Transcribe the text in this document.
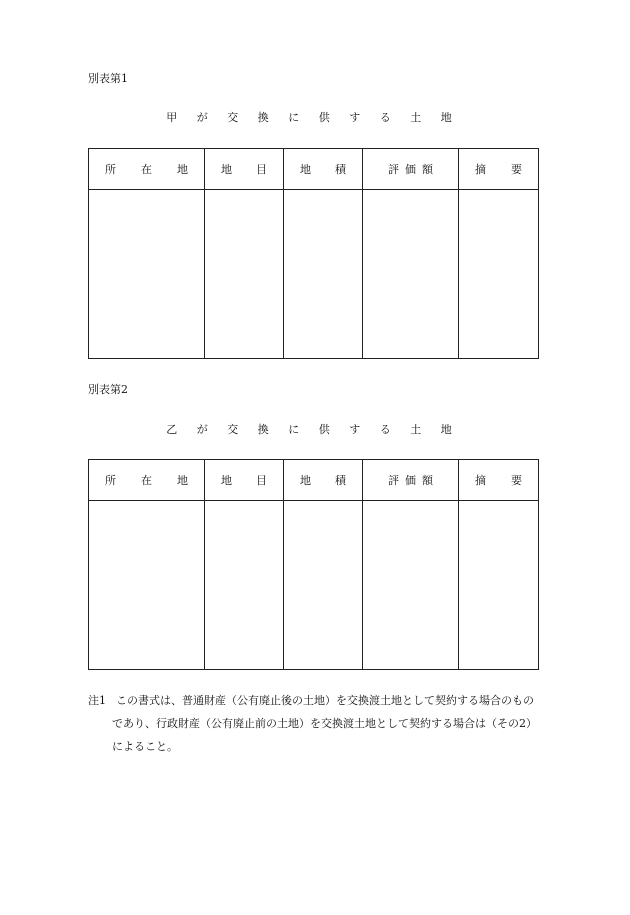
別表第1
甲 が 交 換 に 供 す る 土 地
所 在 地	地 目	地 積	評 価 額	摘 要

別表第2
乙 が 交 換 に 供 す る 土 地
所 在 地	地 目	地 積	評 価 額	摘 要

注1 この書式は、普通財産（公有廃止後の土地）を交換渡土地として契約する場合のもの
であり、行政財産（公有廃止前の土地）を交換渡土地として契約する場合は（その2）
によること。
